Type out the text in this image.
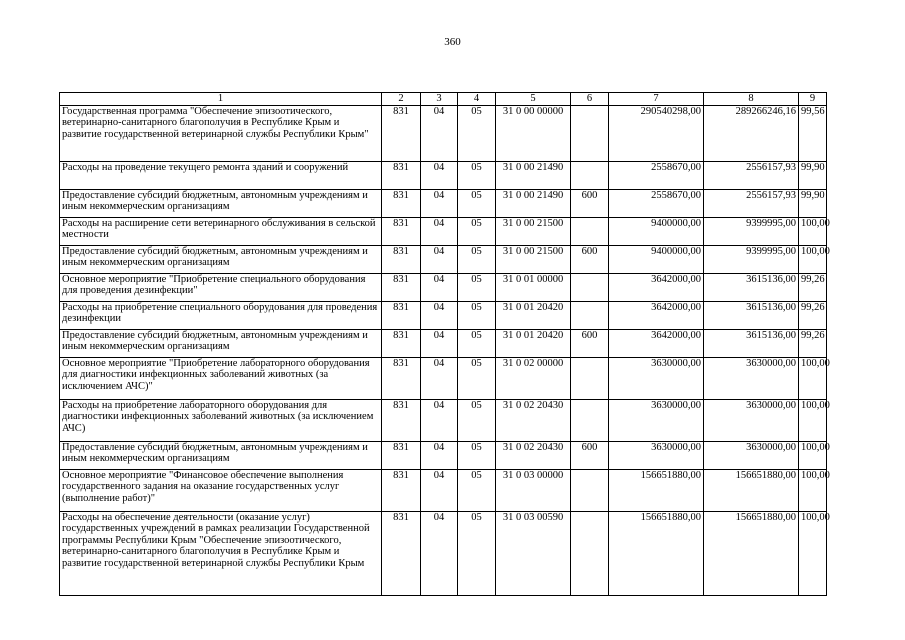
360
1	2	3	4	5	6	7	8	9
Государственная программа "Обеспечение эпизоотического, ветеринарно-санитарного благополучия в Республике Крым и развитие государственной ветеринарной службы Республики Крым"	831	04	05	31 0 00 00000		290540298,00	289266246,16	99,56
Расходы на проведение текущего ремонта зданий и сооружений	831	04	05	31 0 00 21490		2558670,00	2556157,93	99,90
Предоставление субсидий бюджетным, автономным учреждениям и иным некоммерческим организациям	831	04	05	31 0 00 21490	600	2558670,00	2556157,93	99,90
Расходы на расширение сети ветеринарного обслуживания в сельской местности	831	04	05	31 0 00 21500		9400000,00	9399995,00	100,00
Предоставление субсидий бюджетным, автономным учреждениям и иным некоммерческим организациям	831	04	05	31 0 00 21500	600	9400000,00	9399995,00	100,00
Основное мероприятие "Приобретение специального оборудования для проведения дезинфекции"	831	04	05	31 0 01 00000		3642000,00	3615136,00	99,26
Расходы на приобретение специального оборудования для проведения дезинфекции	831	04	05	31 0 01 20420		3642000,00	3615136,00	99,26
Предоставление субсидий бюджетным, автономным учреждениям и иным некоммерческим организациям	831	04	05	31 0 01 20420	600	3642000,00	3615136,00	99,26
Основное мероприятие "Приобретение лабораторного оборудования для диагностики инфекционных заболеваний животных (за исключением АЧС)"	831	04	05	31 0 02 00000		3630000,00	3630000,00	100,00
Расходы на приобретение лабораторного оборудования для диагностики инфекционных заболеваний животных (за исключением АЧС)	831	04	05	31 0 02 20430		3630000,00	3630000,00	100,00
Предоставление субсидий бюджетным, автономным учреждениям и иным некоммерческим организациям	831	04	05	31 0 02 20430	600	3630000,00	3630000,00	100,00
Основное мероприятие "Финансовое обеспечение выполнения государственного задания на оказание государственных услуг (выполнение работ)"	831	04	05	31 0 03 00000		156651880,00	156651880,00	100,00
Расходы на обеспечение деятельности (оказание услуг) государственных учреждений в рамках реализации Государственной программы Республики Крым "Обеспечение эпизоотического, ветеринарно-санитарного благополучия в Республике Крым и развитие государственной ветеринарной службы Республики Крым	831	04	05	31 0 03 00590		156651880,00	156651880,00	100,00
